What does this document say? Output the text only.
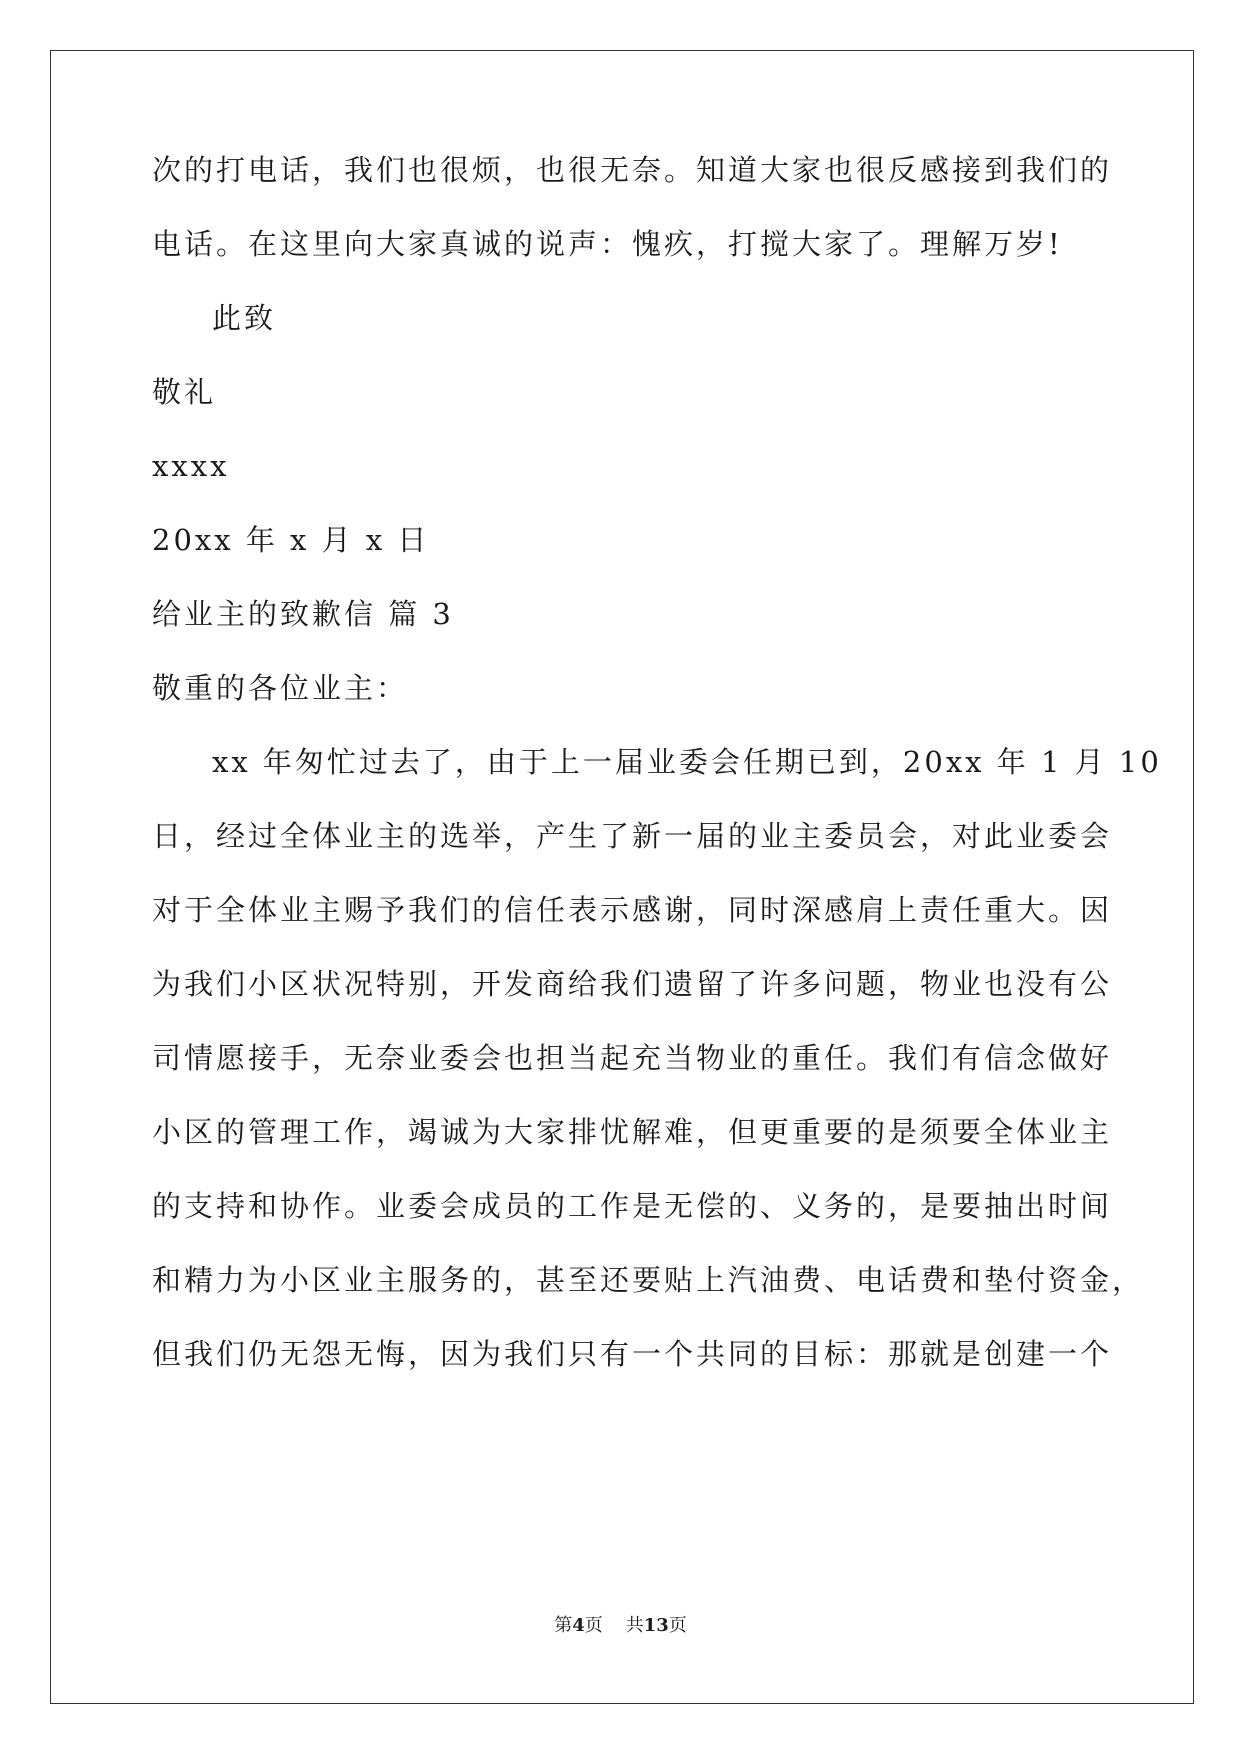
次的打电话，我们也很烦，也很无奈。知道大家也很反感接到我们的
电话。在这里向大家真诚的说声：愧疚，打搅大家了。理解万岁!
此致
敬礼
xxxx
20xx 年 x 月 x 日
给业主的致歉信 篇 3
敬重的各位业主：
xx 年匆忙过去了，由于上一届业委会任期已到，20xx 年 1 月 10
日，经过全体业主的选举，产生了新一届的业主委员会，对此业委会
对于全体业主赐予我们的信任表示感谢，同时深感肩上责任重大。因
为我们小区状况特别，开发商给我们遗留了许多问题，物业也没有公
司情愿接手，无奈业委会也担当起充当物业的重任。我们有信念做好
小区的管理工作，竭诚为大家排忧解难，但更重要的是须要全体业主
的支持和协作。业委会成员的工作是无偿的、义务的，是要抽出时间
和精力为小区业主服务的，甚至还要贴上汽油费、电话费和垫付资金，
但我们仍无怨无悔，因为我们只有一个共同的目标：那就是创建一个
第4页 共13页
